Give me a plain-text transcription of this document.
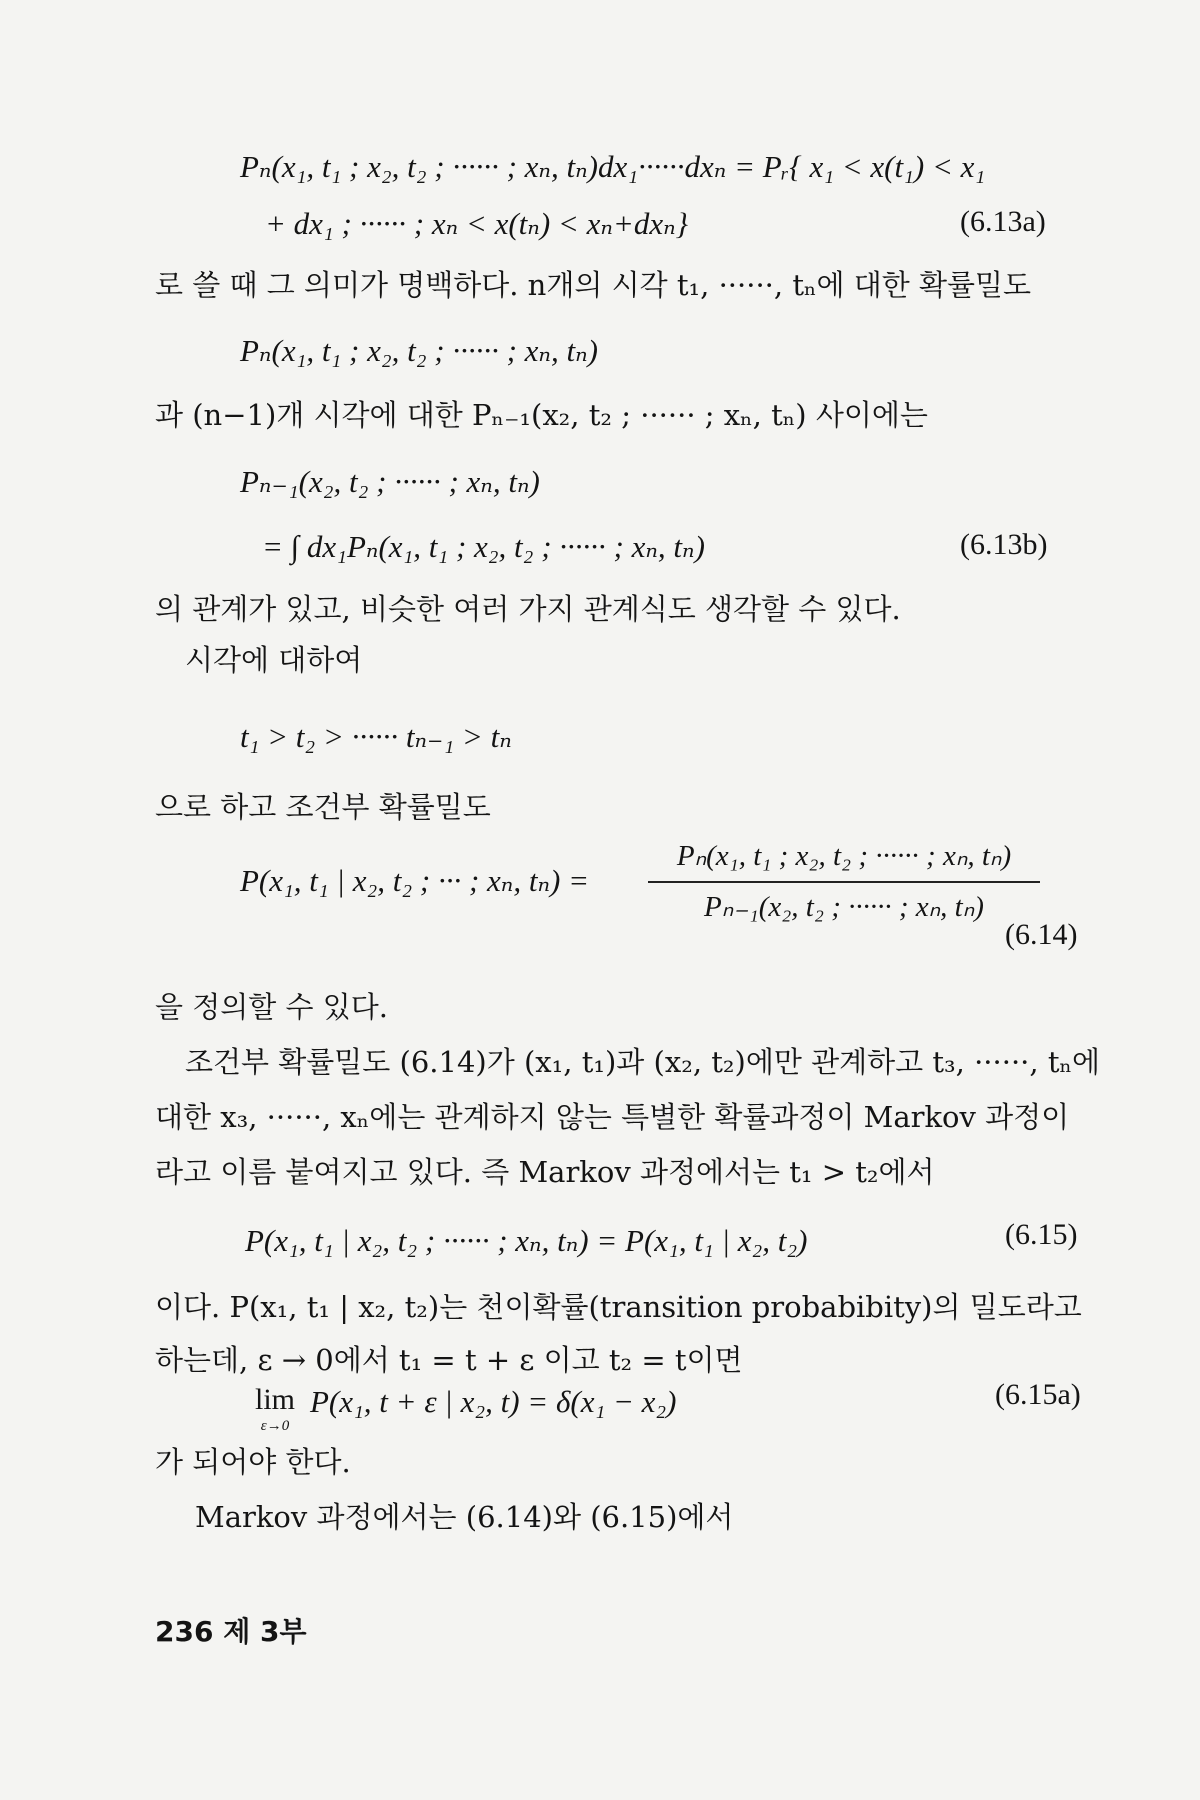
Pₙ(x₁, t₁ ; x₂, t₂ ; ······ ; xₙ, tₙ)dx₁······dxₙ = Pᵣ{ x₁ < x(t₁) < x₁
+ dx₁ ; ······ ; xₙ < x(tₙ) < xₙ+dxₙ}	(6.13a)
로 쓸 때 그 의미가 명백하다. n개의 시각 t₁, ······, tₙ에 대한 확률밀도
Pₙ(x₁, t₁ ; x₂, t₂ ; ······ ; xₙ, tₙ)
과 (n−1)개 시각에 대한 Pₙ₋₁(x₂, t₂ ; ······ ; xₙ, tₙ) 사이에는
Pₙ₋₁(x₂, t₂ ; ······ ; xₙ, tₙ)
= ∫ dx₁Pₙ(x₁, t₁ ; x₂, t₂ ; ······ ; xₙ, tₙ)	(6.13b)
의 관계가 있고, 비슷한 여러 가지 관계식도 생각할 수 있다.
시각에 대하여
t₁ > t₂ > ······ tₙ₋₁ > tₙ
으로 하고 조건부 확률밀도
P(x₁, t₁ | x₂, t₂ ; ··· ; xₙ, tₙ) =
Pₙ(x₁, t₁ ; x₂, t₂ ; ······ ; xₙ, tₙ)
Pₙ₋₁(x₂, t₂ ; ······ ; xₙ, tₙ)
(6.14)
을 정의할 수 있다.
조건부 확률밀도 (6.14)가 (x₁, t₁)과 (x₂, t₂)에만 관계하고 t₃, ······, tₙ에
대한 x₃, ······, xₙ에는 관계하지 않는 특별한 확률과정이 Markov 과정이
라고 이름 붙여지고 있다. 즉 Markov 과정에서는 t₁ > t₂에서
P(x₁, t₁ | x₂, t₂ ; ······ ; xₙ, tₙ) = P(x₁, t₁ | x₂, t₂)	(6.15)
이다. P(x₁, t₁ | x₂, t₂)는 천이확률(transition probabibity)의 밀도라고
하는데, ε → 0에서 t₁ = t + ε 이고 t₂ = t이면
lim
ε→0
P(x₁, t + ε | x₂, t) = δ(x₁ − x₂)	(6.15a)
가 되어야 한다.
Markov 과정에서는 (6.14)와 (6.15)에서
236 제 3부
